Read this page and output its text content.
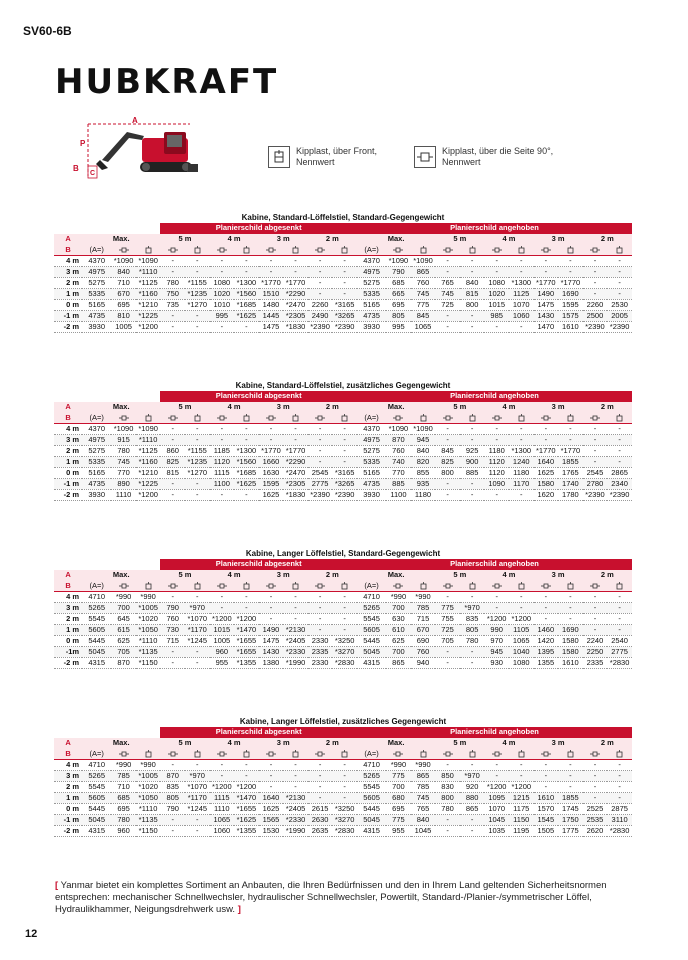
SV60-6B
HUBKRAFT
A
P
B
C
Kipplast, über Front, Nennwert
Kipplast, über die Seite 90°, Nennwert
Kabine, Standard-Löffelstiel, Standard-Gegengewicht
				Planierschild abgesenkt								Planierschild angehoben										
A	Max.			5 m		4 m		3 m		2 m		Max.			5 m		4 m		3 m		2 m	
B	(A=)											(A=)										
4 m	4370	*1090	*1090	-	-	-	-	-	-	-	-	4370	*1090	*1090	-	-	-	-	-	-	-	-
3 m	4975	840	*1110	-	-	-	-	-	-	-	-	4975	790	865	-	-	-	-	-	-	-	-
2 m	5275	710	*1125	780	*1155	1080	*1300	*1770	*1770	-	-	5275	685	760	765	840	1080	*1300	*1770	*1770	-	-
1 m	5335	670	*1160	750	*1235	1020	*1560	1510	*2290	-	-	5335	665	745	745	815	1020	1125	1490	1690	-	-
0 m	5165	695	*1210	735	*1270	1010	*1685	1480	*2470	2260	*3165	5165	695	775	725	800	1015	1070	1475	1595	2260	2530
-1 m	4735	810	*1225	-	-	995	*1625	1445	*2305	2490	*3265	4735	805	845	-	-	985	1060	1430	1575	2500	2005
-2 m	3930	1005	*1200	-	-	-	-	1475	*1830	*2390	*2390	3930	995	1065	-	-	-	-	1470	1610	*2390	*2390
Kabine, Standard-Löffelstiel, zusätzliches Gegengewicht
				Planierschild abgesenkt								Planierschild angehoben										
A	Max.			5 m		4 m		3 m		2 m		Max.			5 m		4 m		3 m		2 m	
B	(A=)											(A=)										
4 m	4370	*1090	*1090	-	-	-	-	-	-	-	-	4370	*1090	*1090	-	-	-	-	-	-	-	-
3 m	4975	915	*1110	-	-	-	-	-	-	-	-	4975	870	945	-	-	-	-	-	-	-	-
2 m	5275	780	*1125	860	*1155	1185	*1300	*1770	*1770	-	-	5275	760	840	845	925	1180	*1300	*1770	*1770	-	-
1 m	5335	745	*1160	825	*1235	1120	*1560	1660	*2290	-	-	5335	740	820	825	900	1120	1240	1640	1855	-	-
0 m	5165	770	*1210	815	*1270	1115	*1685	1630	*2470	2545	*3165	5165	770	855	800	885	1120	1180	1625	1765	2545	2865
-1 m	4735	890	*1225	-	-	1100	*1625	1595	*2305	2775	*3265	4735	885	935	-	-	1090	1170	1580	1740	2780	2340
-2 m	3930	1110	*1200	-	-	-	-	1625	*1830	*2390	*2390	3930	1100	1180	-	-	-	-	1620	1780	*2390	*2390
Kabine, Langer Löffelstiel, Standard-Gegengewicht
				Planierschild abgesenkt								Planierschild angehoben										
A	Max.			5 m		4 m		3 m		2 m		Max.			5 m		4 m		3 m		2 m	
B	(A=)											(A=)										
4 m	4710	*990	*990	-	-	-	-	-	-	-	-	4710	*990	*990	-	-	-	-	-	-	-	-
3 m	5265	700	*1005	790	*970	-	-	-	-	-	-	5265	700	785	775	*970	-	-	-	-	-	-
2 m	5545	645	*1020	760	*1070	*1200	*1200	-	-	-	-	5545	630	715	755	835	*1200	*1200	-	-	-	-
1 m	5605	615	*1050	730	*1170	1015	*1470	1490	*2130	-	-	5605	610	670	725	805	990	1105	1460	1690	-	-
0 m	5445	625	*1110	715	*1245	1005	*1655	1475	*2405	2330	*3250	5445	625	690	705	780	970	1065	1420	1580	2240	2540
-1m	5045	705	*1135	-	-	960	*1655	1430	*2330	2335	*3270	5045	700	760	-	-	945	1040	1395	1580	2250	2775
-2 m	4315	870	*1150	-	-	955	*1355	1380	*1990	2330	*2830	4315	865	940	-	-	930	1080	1355	1610	2335	*2830
Kabine, Langer Löffelstiel, zusätzliches Gegengewicht
				Planierschild abgesenkt								Planierschild angehoben										
A	Max.			5 m		4 m		3 m		2 m		Max.			5 m		4 m		3 m		2 m	
B	(A=)											(A=)										
4 m	4710	*990	*990	-	-	-	-	-	-	-	-	4710	*990	*990	-	-	-	-	-	-	-	-
3 m	5265	785	*1005	870	*970	-	-	-	-	-	-	5265	775	865	850	*970	-	-	-	-	-	-
2 m	5545	710	*1020	835	*1070	*1200	*1200	-	-	-	-	5545	700	785	830	920	*1200	*1200	-	-	-	-
1 m	5605	685	*1050	805	*1170	1115	*1470	1640	*2130	-	-	5605	680	745	800	880	1095	1215	1610	1855	-	-
0 m	5445	695	*1110	790	*1245	1110	*1655	1625	*2405	2615	*3250	5445	695	765	780	865	1070	1175	1570	1745	2525	2875
-1 m	5045	780	*1135	-	-	1065	*1625	1565	*2330	2630	*3270	5045	775	840	-	-	1045	1150	1545	1750	2535	3110
-2 m	4315	960	*1150	-	-	1060	*1355	1530	*1990	2635	*2830	4315	955	1045	-	-	1035	1195	1505	1775	2620	*2830
[ Yanmar bietet ein komplettes Sortiment an Anbauten, die Ihren Bedürfnissen und den in Ihrem Land geltenden Sicherheitsnormen entsprechen: mechanischer Schnellwechsler, hydraulischer Schnellwechsler, Powertilt, Standard-/Planier-/symmetrischer Löffel, Hydraulikhammer, Neigungsdrehwerk usw. ]
12
